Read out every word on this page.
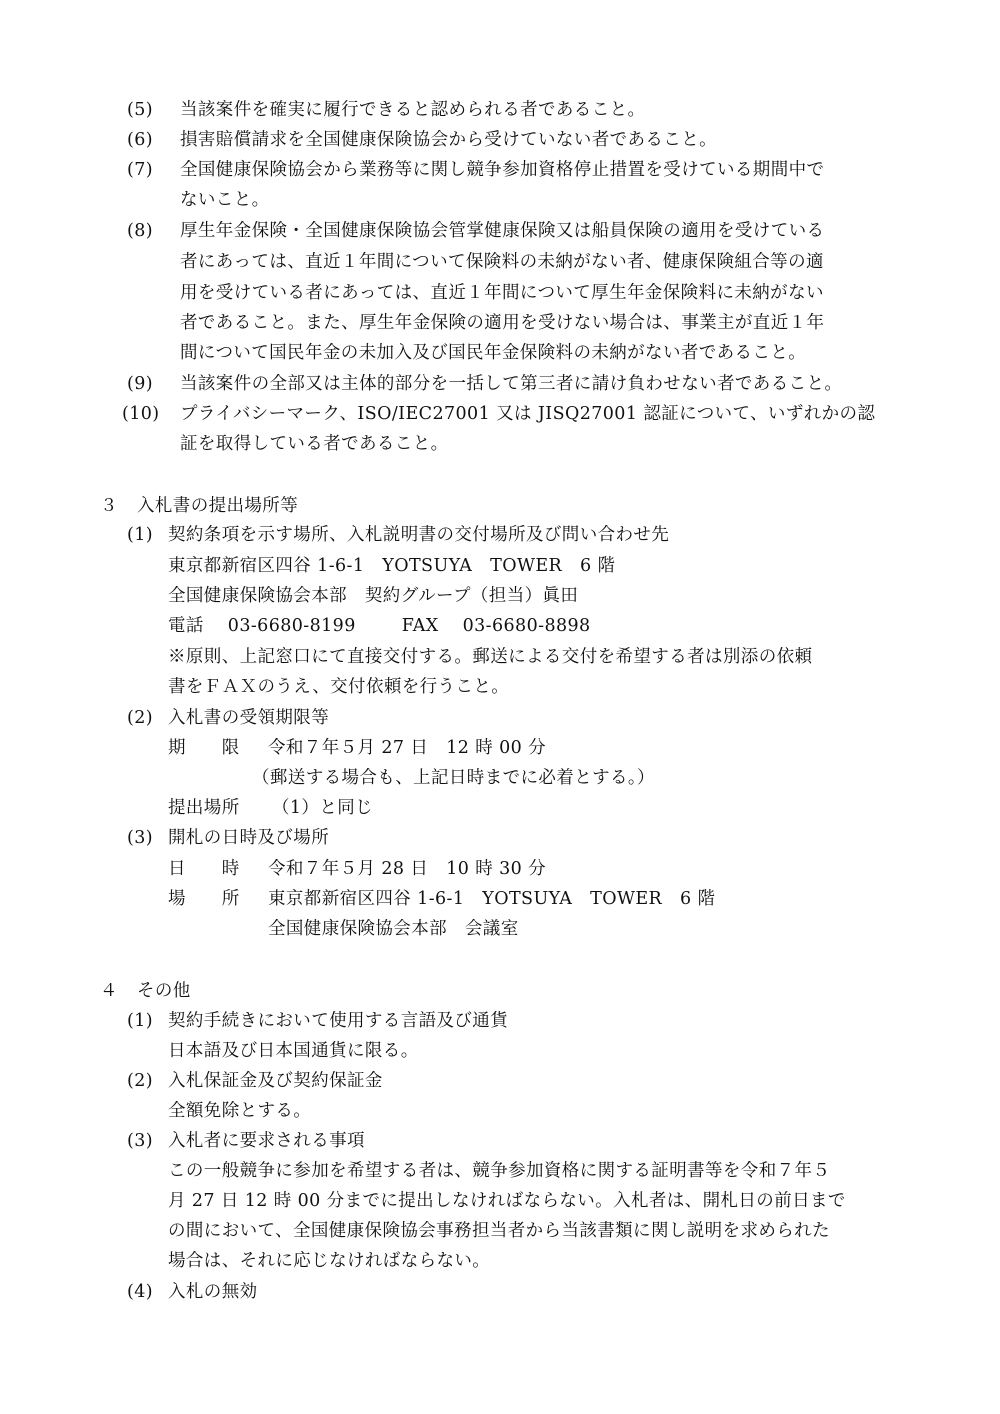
(5) 当該案件を確実に履行できると認められる者であること。
(6) 損害賠償請求を全国健康保険協会から受けていない者であること。
(7) 全国健康保険協会から業務等に関し競争参加資格停止措置を受けている期間中で
ないこと。
(8) 厚生年金保険・全国健康保険協会管掌健康保険又は船員保険の適用を受けている
者にあっては、直近１年間について保険料の未納がない者、健康保険組合等の適
用を受けている者にあっては、直近１年間について厚生年金保険料に未納がない
者であること。また、厚生年金保険の適用を受けない場合は、事業主が直近１年
間について国民年金の未加入及び国民年金保険料の未納がない者であること。
(9) 当該案件の全部又は主体的部分を一括して第三者に請け負わせない者であること。
(10) プライバシーマーク、ISO/IEC27001 又は JISQ27001 認証について、いずれかの認
証を取得している者であること。
３ 入札書の提出場所等
(1) 契約条項を示す場所、入札説明書の交付場所及び問い合わせ先
東京都新宿区四谷 1-6-1　YOTSUYA　TOWER　6 階
全国健康保険協会本部　契約グループ（担当）眞田
電話 03-6680-8199	FAX 03-6680-8898
※原則、上記窓口にて直接交付する。郵送による交付を希望する者は別添の依頼
書をＦＡＸのうえ、交付依頼を行うこと。
(2) 入札書の受領期限等
期　　限 令和７年５月 27 日　12 時 00 分
（郵送する場合も、上記日時までに必着とする。）
提出場所 （1）と同じ
(3) 開札の日時及び場所
日　　時 令和７年５月 28 日　10 時 30 分
場　　所 東京都新宿区四谷 1-6-1　YOTSUYA　TOWER　6 階
全国健康保険協会本部　会議室
４ その他
(1) 契約手続きにおいて使用する言語及び通貨
日本語及び日本国通貨に限る。
(2) 入札保証金及び契約保証金
全額免除とする。
(3) 入札者に要求される事項
この一般競争に参加を希望する者は、競争参加資格に関する証明書等を令和７年５
月 27 日 12 時 00 分までに提出しなければならない。入札者は、開札日の前日まで
の間において、全国健康保険協会事務担当者から当該書類に関し説明を求められた
場合は、それに応じなければならない。
(4) 入札の無効
